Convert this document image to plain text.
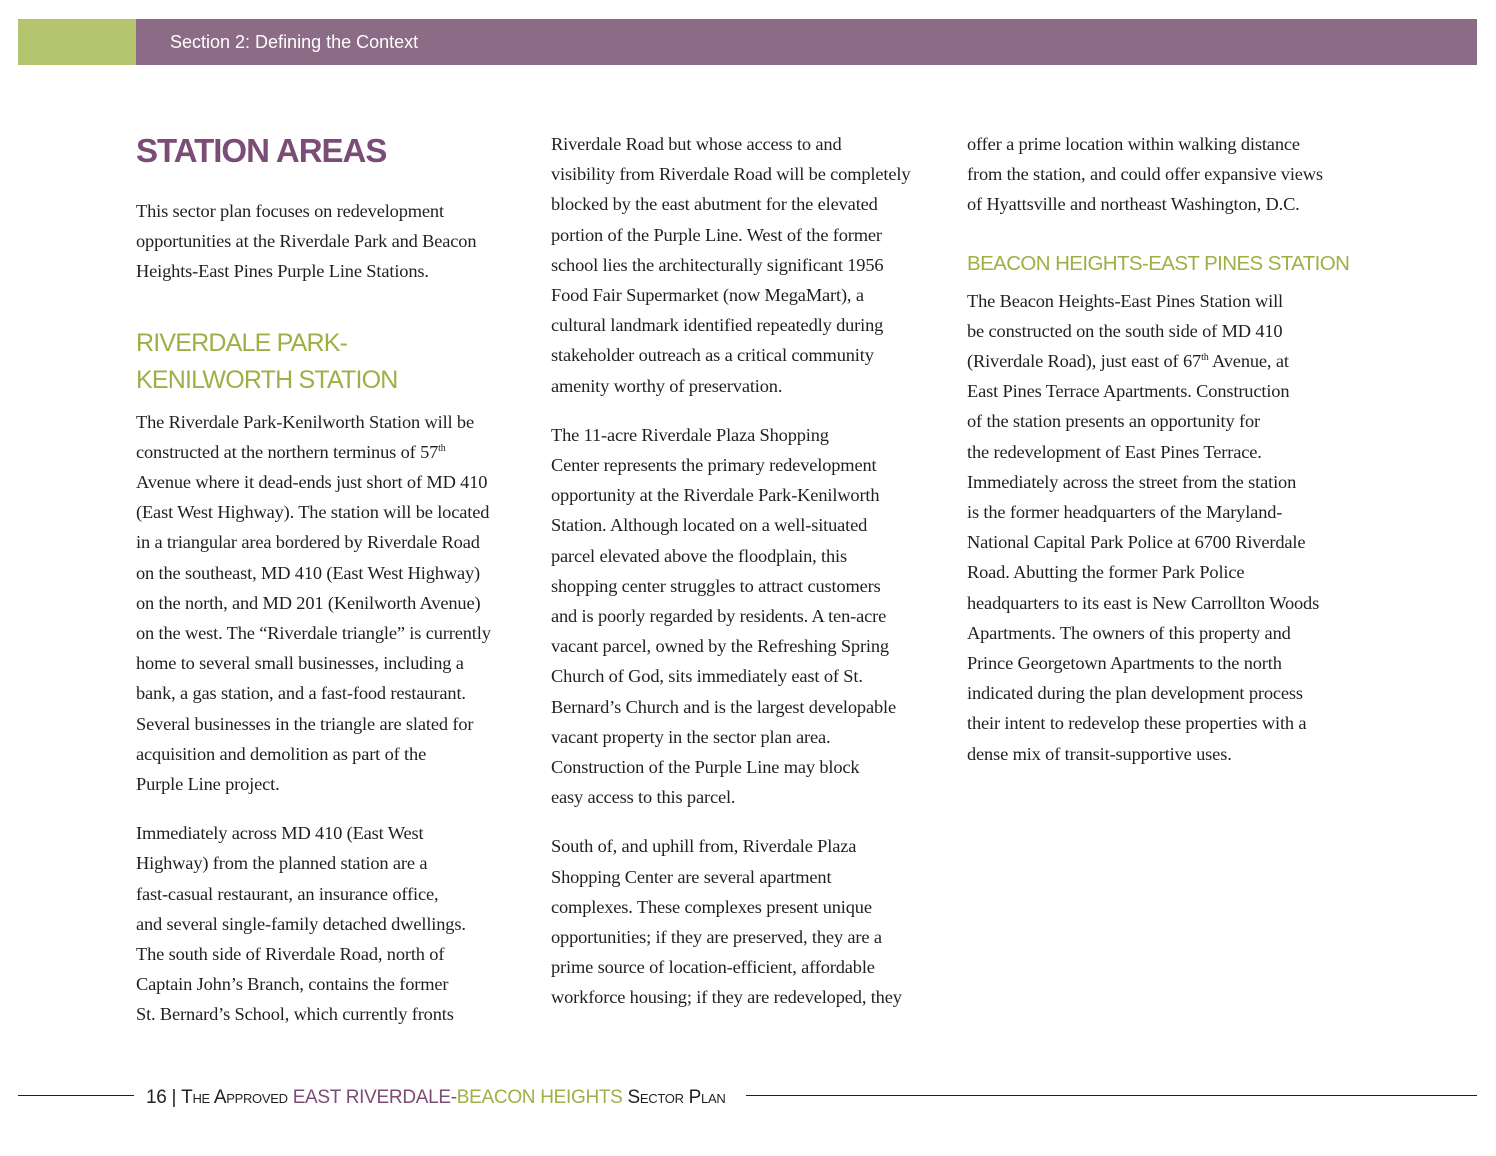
Section 2: Defining the Context
STATION AREAS

This sector plan focuses on redevelopment
opportunities at the Riverdale Park and Beacon
Heights-East Pines Purple Line Stations.

RIVERDALE PARK-
KENILWORTH STATION

The Riverdale Park-Kenilworth Station will be
constructed at the northern terminus of 57th
Avenue where it dead-ends just short of MD 410
(East West Highway). The station will be located
in a triangular area bordered by Riverdale Road
on the southeast, MD 410 (East West Highway)
on the north, and MD 201 (Kenilworth Avenue)
on the west. The “Riverdale triangle” is currently
home to several small businesses, including a
bank, a gas station, and a fast-food restaurant.
Several businesses in the triangle are slated for
acquisition and demolition as part of the
Purple Line project.

Immediately across MD 410 (East West
Highway) from the planned station are a
fast-casual restaurant, an insurance office,
and several single-family detached dwellings.
The south side of Riverdale Road, north of
Captain John’s Branch, contains the former
St. Bernard’s School, which currently fronts

Riverdale Road but whose access to and
visibility from Riverdale Road will be completely
blocked by the east abutment for the elevated
portion of the Purple Line. West of the former
school lies the architecturally significant 1956
Food Fair Supermarket (now MegaMart), a
cultural landmark identified repeatedly during
stakeholder outreach as a critical community
amenity worthy of preservation.

The 11-acre Riverdale Plaza Shopping
Center represents the primary redevelopment
opportunity at the Riverdale Park-Kenilworth
Station. Although located on a well-situated
parcel elevated above the floodplain, this
shopping center struggles to attract customers
and is poorly regarded by residents. A ten-acre
vacant parcel, owned by the Refreshing Spring
Church of God, sits immediately east of St.
Bernard’s Church and is the largest developable
vacant property in the sector plan area.
Construction of the Purple Line may block
easy access to this parcel.

South of, and uphill from, Riverdale Plaza
Shopping Center are several apartment
complexes. These complexes present unique
opportunities; if they are preserved, they are a
prime source of location-efficient, affordable
workforce housing; if they are redeveloped, they

offer a prime location within walking distance
from the station, and could offer expansive views
of Hyattsville and northeast Washington, D.C.

BEACON HEIGHTS-EAST PINES STATION

The Beacon Heights-East Pines Station will
be constructed on the south side of MD 410
(Riverdale Road), just east of 67th Avenue, at
East Pines Terrace Apartments. Construction
of the station presents an opportunity for
the redevelopment of East Pines Terrace.
Immediately across the street from the station
is the former headquarters of the Maryland-
National Capital Park Police at 6700 Riverdale
Road. Abutting the former Park Police
headquarters to its east is New Carrollton Woods
Apartments. The owners of this property and
Prince Georgetown Apartments to the north
indicated during the plan development process
their intent to redevelop these properties with a
dense mix of transit-supportive uses.

16 | The Approved EAST RIVERDALE-BEACON HEIGHTS Sector Plan
